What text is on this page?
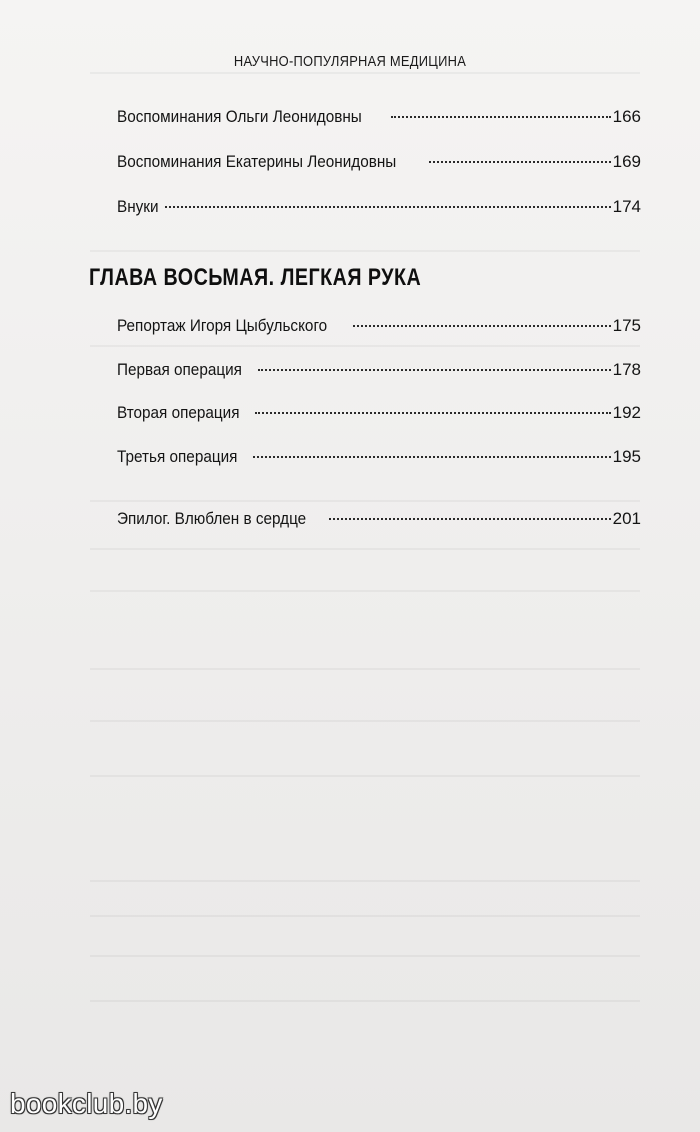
НАУЧНО-ПОПУЛЯРНАЯ МЕДИЦИНА
Воспоминания Ольги Леонидовны	166
Воспоминания Екатерины Леонидовны	169
Внуки	174
ГЛАВА ВОСЬМАЯ. ЛЕГКАЯ РУКА
Репортаж Игоря Цыбульского	175
Первая операция	178
Вторая операция	192
Третья операция	195
Эпилог. Влюблен в сердце	201
bookclub.by
